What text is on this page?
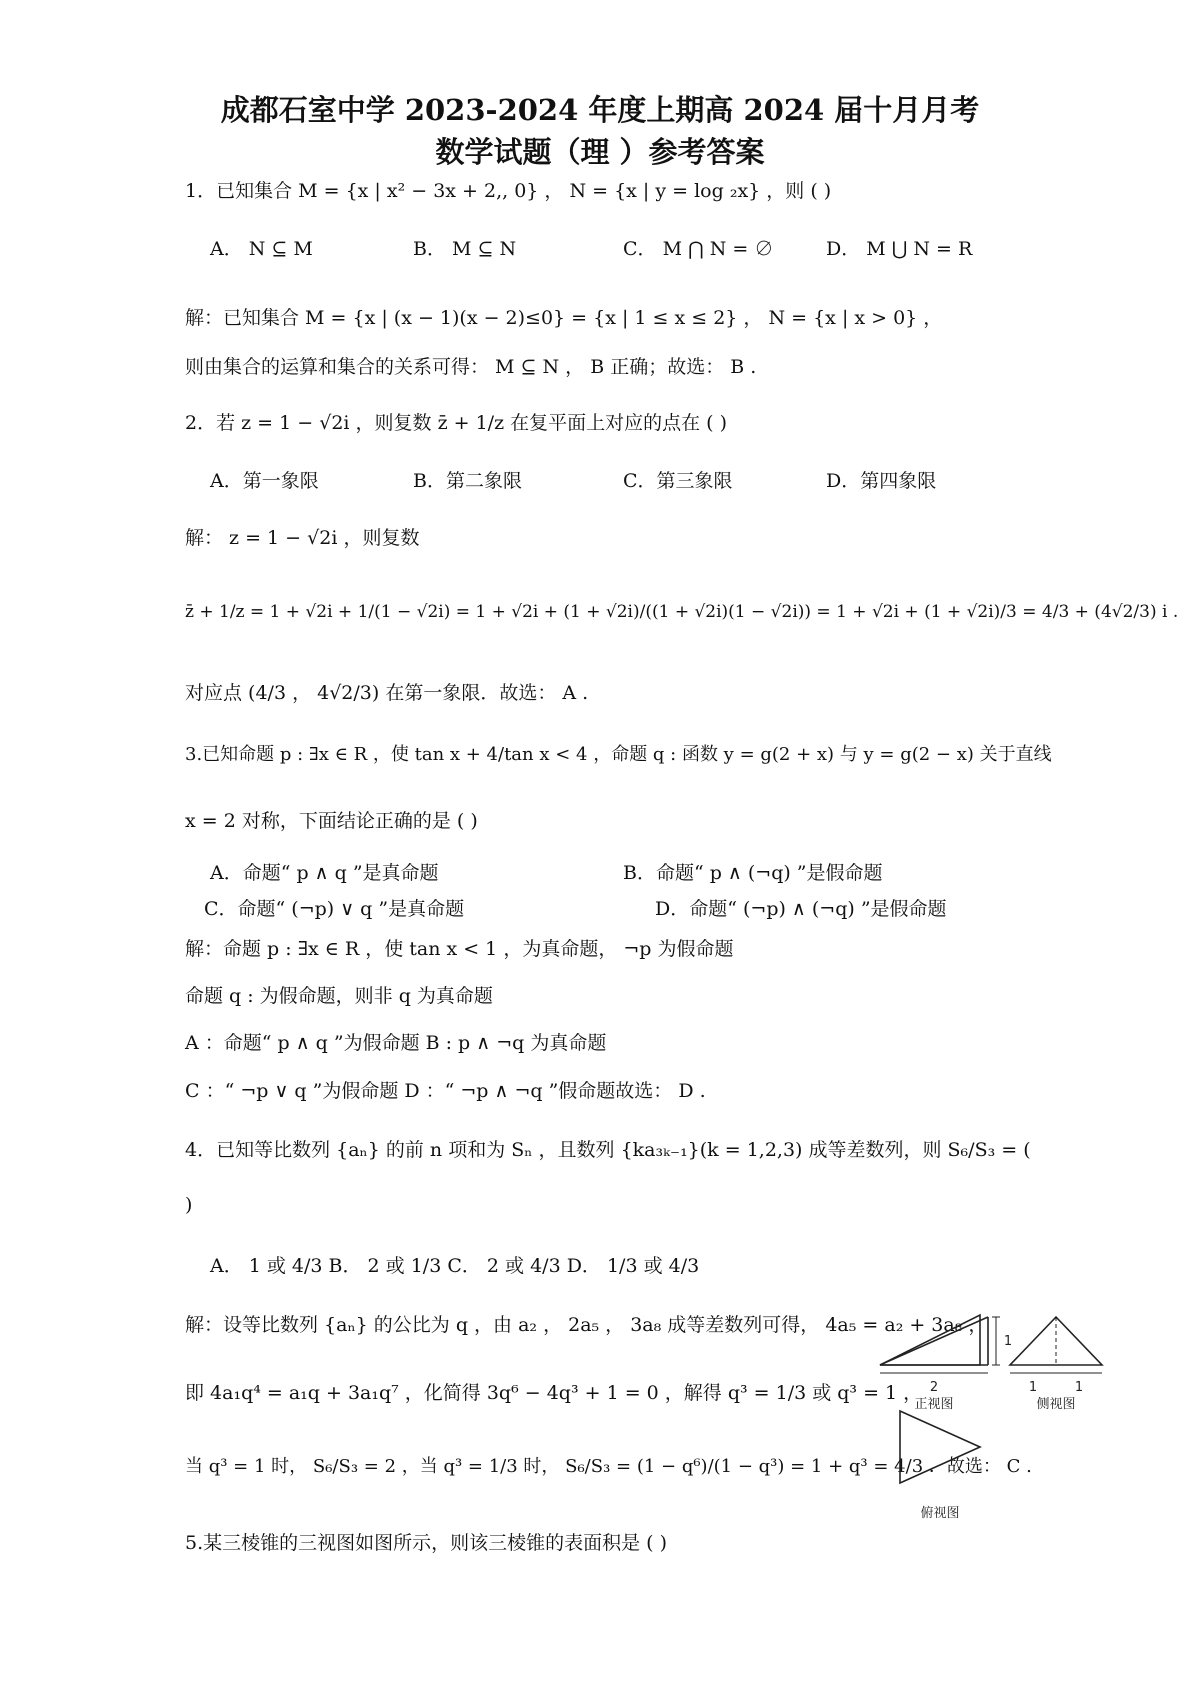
成都石室中学 2023-2024 年度上期高 2024 届十月月考
数学试题（理 ）参考答案
1．已知集合 M = {x | x² − 3x + 2,, 0} ， N = {x | y = log ₂x} ，则 ( )
A． N ⊆ M	B． M ⊆ N	C． M ⋂ N = ∅	D． M ⋃ N = R
解：已知集合 M = {x | (x − 1)(x − 2)≤0} = {x | 1 ≤ x ≤ 2} ， N = {x | x > 0} ，
则由集合的运算和集合的关系可得： M ⊆ N ， B 正确；故选： B .
2．若 z = 1 − √2i ，则复数 z̄ + 1/z 在复平面上对应的点在 ( )
A．第一象限	B．第二象限	C．第三象限	D．第四象限
解： z = 1 − √2i ，则复数
z̄ + 1/z = 1 + √2i + 1/(1 − √2i) = 1 + √2i + (1 + √2i)/((1 + √2i)(1 − √2i)) = 1 + √2i + (1 + √2i)/3 = 4/3 + (4√2/3) i .
对应点 (4/3 ， 4√2/3) 在第一象限．故选： A .
3.已知命题 p : ∃x ∈ R ，使 tan x + 4/tan x < 4 ，命题 q : 函数 y = g(2 + x) 与 y = g(2 − x) 关于直线
x = 2 对称，下面结论正确的是 ( )
A．命题“ p ∧ q ”是真命题	B．命题“ p ∧ (¬q) ”是假命题
C．命题“ (¬p) ∨ q ”是真命题	D．命题“ (¬p) ∧ (¬q) ”是假命题
解：命题 p : ∃x ∈ R ，使 tan x < 1 ，为真命题， ¬p 为假命题
命题 q : 为假命题，则非 q 为真命题
A ：命题“ p ∧ q ”为假命题 B : p ∧ ¬q 为真命题
C ：“ ¬p ∨ q ”为假命题 D ：“ ¬p ∧ ¬q ”假命题故选： D .
4．已知等比数列 {aₙ} 的前 n 项和为 Sₙ ，且数列 {ka₃ₖ₋₁}(k = 1,2,3) 成等差数列，则 S₆/S₃ = (
)
A． 1 或 4/3 B． 2 或 1/3 C． 2 或 4/3 D． 1/3 或 4/3
解：设等比数列 {aₙ} 的公比为 q ，由 a₂ ， 2a₅ ， 3a₈ 成等差数列可得， 4a₅ = a₂ + 3a₈ ，
即 4a₁q⁴ = a₁q + 3a₁q⁷ ，化简得 3q⁶ − 4q³ + 1 = 0 ，解得 q³ = 1/3 或 q³ = 1 ，
当 q³ = 1 时， S₆/S₃ = 2 ，当 q³ = 1/3 时， S₆/S₃ = (1 − q⁶)/(1 − q³) = 1 + q³ = 4/3 ．故选： C .
5.某三棱锥的三视图如图所示，则该三棱锥的表面积是 ( )
2
1
1	1
正视图	侧视图
俯视图
